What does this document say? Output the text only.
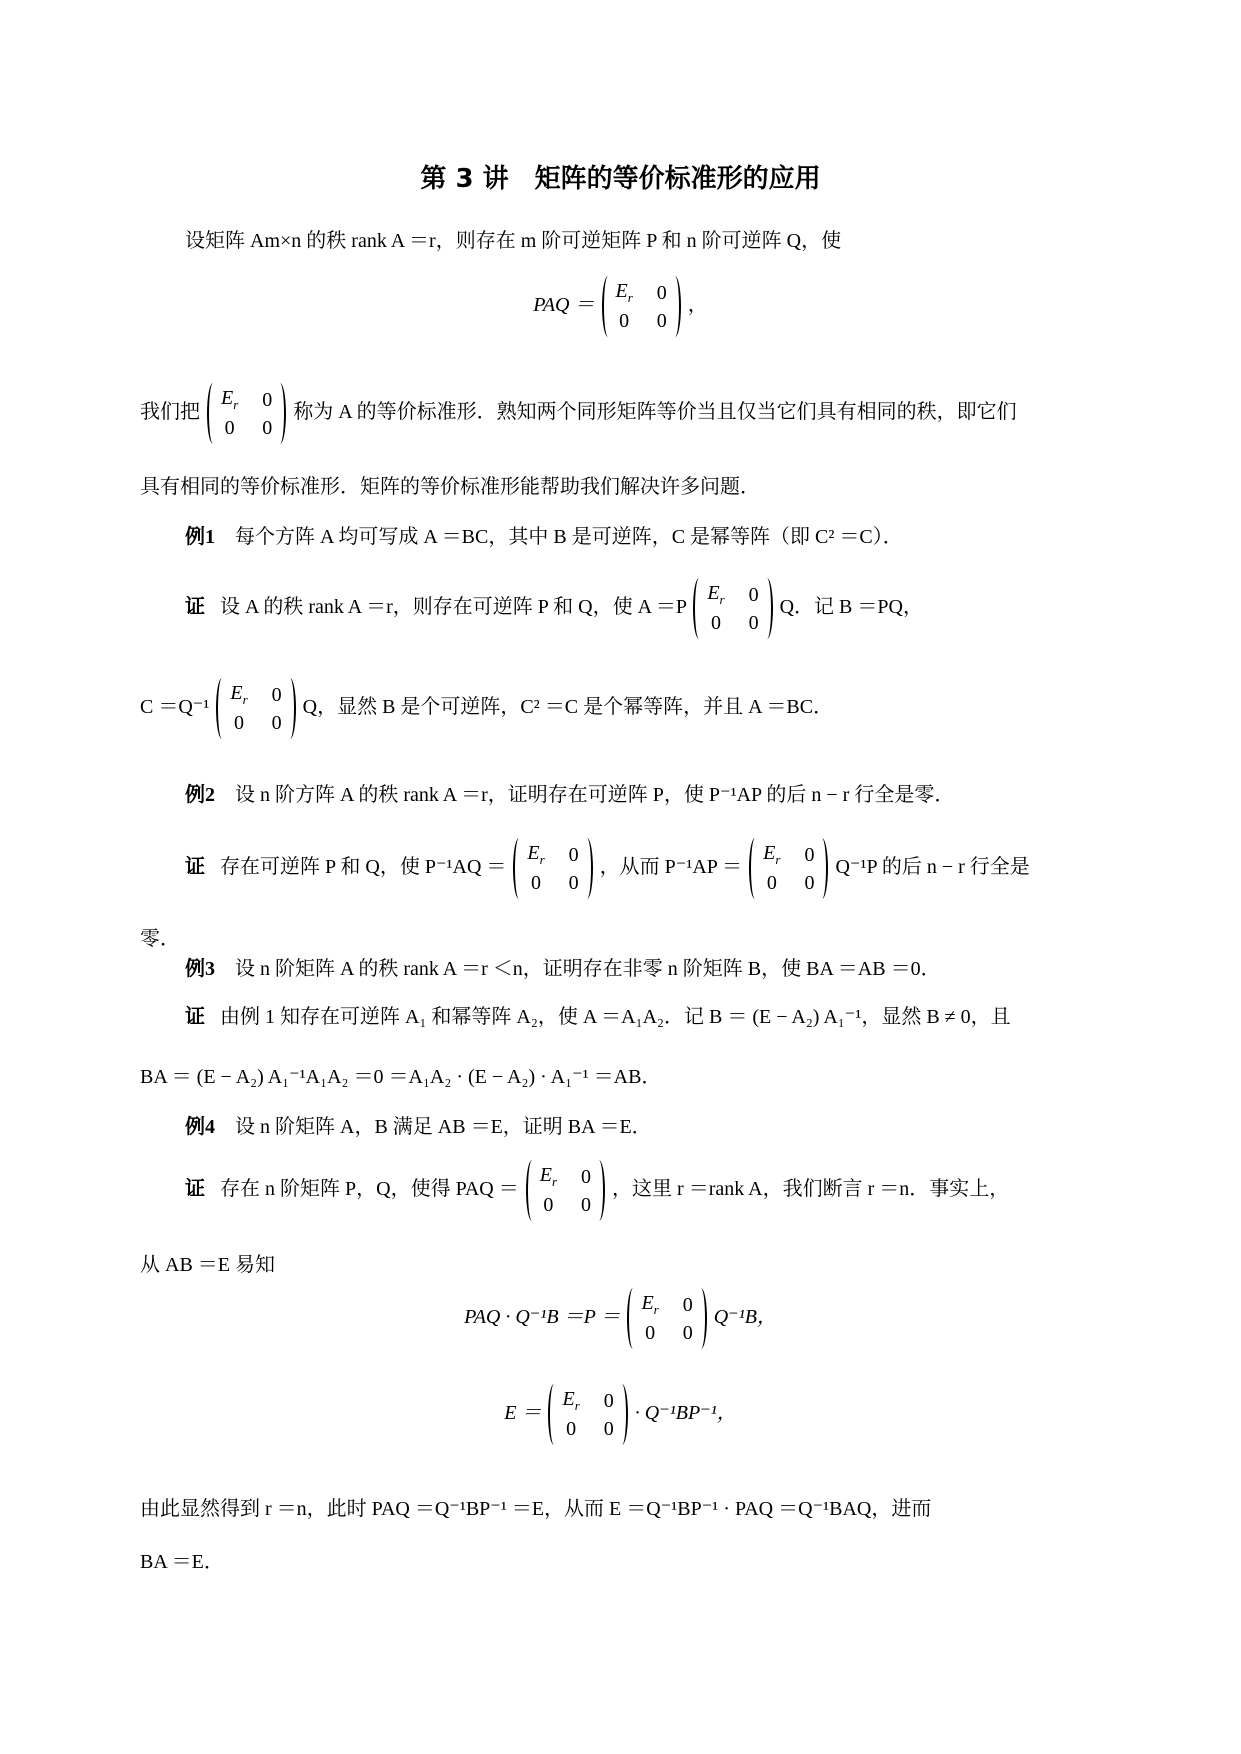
第 3 讲　矩阵的等价标准形的应用
设矩阵 Am×n 的秩 rank A ＝r，则存在 m 阶可逆矩阵 P 和 n 阶可逆阵 Q，使
PAQ ＝
$E_r$ 0
0 0
，
我们把
$E_r$ 0
0 0
称为 A 的等价标准形．熟知两个同形矩阵等价当且仅当它们具有相同的秩，即它们
具有相同的等价标准形．矩阵的等价标准形能帮助我们解决许多问题．
例1 每个方阵 A 均可写成 A ＝BC，其中 B 是可逆阵，C 是幂等阵（即 C² ＝C）．
证 设 A 的秩 rank A ＝r，则存在可逆阵 P 和 Q，使 A ＝P
$E_r$ 0
0 0
Q．记 B ＝PQ，
C ＝Q⁻¹
$E_r$ 0
0 0
Q，显然 B 是个可逆阵，C² ＝C 是个幂等阵，并且 A ＝BC．
例2 设 n 阶方阵 A 的秩 rank A ＝r，证明存在可逆阵 P，使 P⁻¹AP 的后 n − r 行全是零．
证 存在可逆阵 P 和 Q，使 P⁻¹AQ ＝
$E_r$ 0
0 0
，从而 P⁻¹AP ＝
$E_r$ 0
0 0
Q⁻¹P 的后 n − r 行全是
零．
例3 设 n 阶矩阵 A 的秩 rank A ＝r ＜n，证明存在非零 n 阶矩阵 B，使 BA ＝AB ＝0．
证 由例 1 知存在可逆阵 A₁ 和幂等阵 A₂，使 A ＝A₁A₂．记 B ＝ (E − A₂) A₁⁻¹，显然 B ≠ 0，且
BA ＝ (E − A₂) A₁⁻¹A₁A₂ ＝0 ＝A₁A₂ · (E − A₂) · A₁⁻¹ ＝AB．
例4 设 n 阶矩阵 A，B 满足 AB ＝E，证明 BA ＝E．
证 存在 n 阶矩阵 P，Q，使得 PAQ ＝
$E_r$ 0
0 0
，这里 r ＝rank A，我们断言 r ＝n．事实上，
从 AB ＝E 易知
PAQ · Q⁻¹B ＝P ＝
$E_r$ 0
0 0
Q⁻¹B，
E ＝
$E_r$ 0
0 0
· Q⁻¹BP⁻¹，
由此显然得到 r ＝n，此时 PAQ ＝Q⁻¹BP⁻¹ ＝E，从而 E ＝Q⁻¹BP⁻¹ · PAQ ＝Q⁻¹BAQ，进而
BA ＝E．
